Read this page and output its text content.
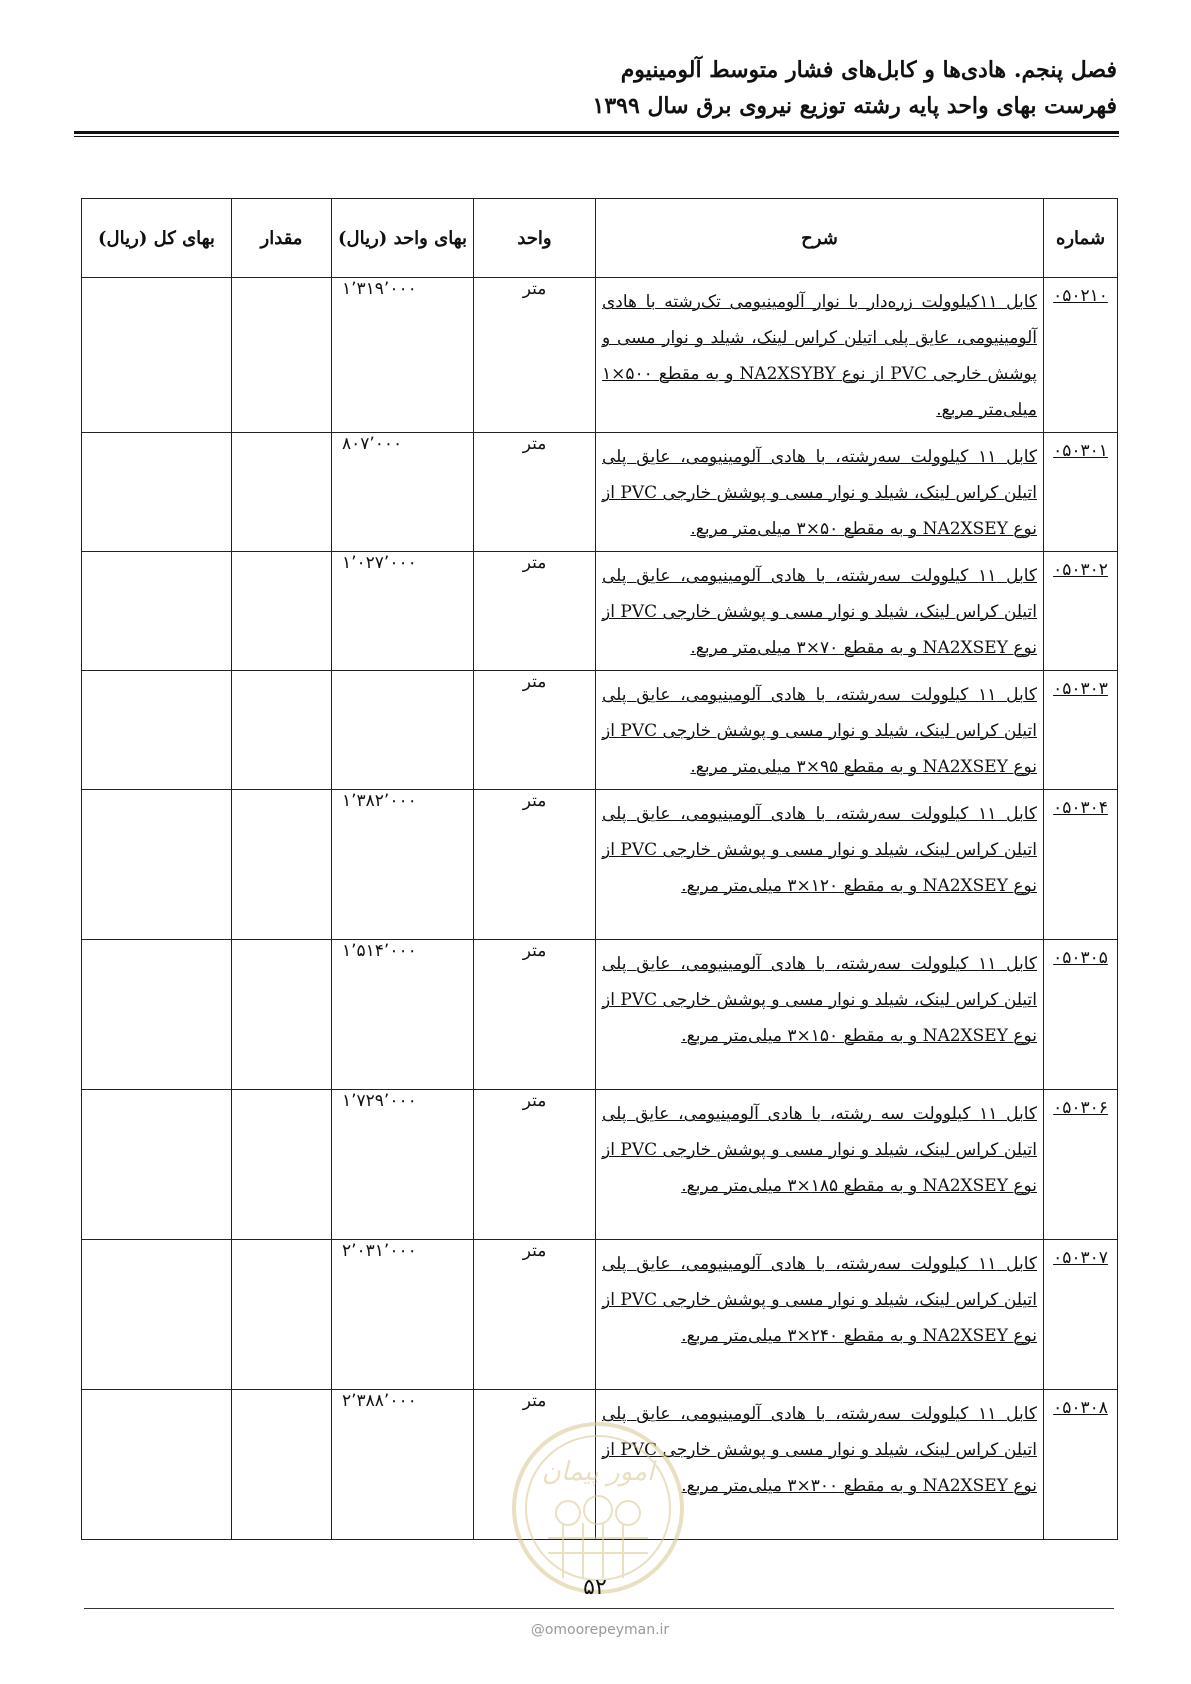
فصل پنجم. هادی‌ها و کابل‌های فشار متوسط آلومینیوم
فهرست بهای واحد پایه رشته توزیع نیروی برق سال ۱۳۹۹
شماره	شرح	واحد	بهای واحد (ریال)	مقدار	بهای کل (ریال)
۰۵۰۲۱۰	کابل ۱۱کیلوولت زره‌دار با نوار آلومینیومی تک‌رشته با هادی آلومینیومی، عایق پلی اتیلن کراس لینک، شیلد و نوار مسی و پوشش خارجی PVC از نوع NA2XSYBY و به مقطع ۵۰۰×۱ میلی‌متر مربع.	متر	۱٬۳۱۹٬۰۰۰		
۰۵۰۳۰۱	کابل ۱۱ کیلوولت سه‌رشته، با هادی آلومینیومی، عایق پلی اتیلن کراس لینک، شیلد و نوار مسی و پوشش خارجی PVC از نوع NA2XSEY و به مقطع ۵۰×۳ میلی‌متر مربع.	متر	۸۰۷٬۰۰۰		
۰۵۰۳۰۲	کابل ۱۱ کیلوولت سه‌رشته، با هادی آلومینیومی، عایق پلی اتیلن کراس لینک، شیلد و نوار مسی و پوشش خارجی PVC از نوع NA2XSEY و به مقطع ۷۰×۳ میلی‌متر مربع.	متر	۱٬۰۲۷٬۰۰۰		
۰۵۰۳۰۳	کابل ۱۱ کیلوولت سه‌رشته، با هادی آلومینیومی، عایق پلی اتیلن کراس لینک، شیلد و نوار مسی و پوشش خارجی PVC از نوع NA2XSEY و به مقطع ۹۵×۳ میلی‌متر مربع.	متر			
۰۵۰۳۰۴	کابل ۱۱ کیلوولت سه‌رشته، با هادی آلومینیومی، عایق پلی اتیلن کراس لینک، شیلد و نوار مسی و پوشش خارجی PVC از نوع NA2XSEY و به مقطع ۱۲۰×۳ میلی‌متر مربع.	متر	۱٬۳۸۲٬۰۰۰		
۰۵۰۳۰۵	کابل ۱۱ کیلوولت سه‌رشته، با هادی آلومینیومی، عایق پلی اتیلن کراس لینک، شیلد و نوار مسی و پوشش خارجی PVC از نوع NA2XSEY و به مقطع ۱۵۰×۳ میلی‌متر مربع.	متر	۱٬۵۱۴٬۰۰۰		
۰۵۰۳۰۶	کابل ۱۱ کیلوولت سه رشته، با هادی آلومینیومی، عایق پلی اتیلن کراس لینک، شیلد و نوار مسی و پوشش خارجی PVC از نوع NA2XSEY و به مقطع ۱۸۵×۳ میلی‌متر مربع.	متر	۱٬۷۲۹٬۰۰۰		
۰۵۰۳۰۷	کابل ۱۱ کیلوولت سه‌رشته، با هادی آلومینیومی، عایق پلی اتیلن کراس لینک، شیلد و نوار مسی و پوشش خارجی PVC از نوع NA2XSEY و به مقطع ۲۴۰×۳ میلی‌متر مربع.	متر	۲٬۰۳۱٬۰۰۰		
۰۵۰۳۰۸	کابل ۱۱ کیلوولت سه‌رشته، با هادی آلومینیومی، عایق پلی اتیلن کراس لینک، شیلد و نوار مسی و پوشش خارجی PVC از نوع NA2XSEY و به مقطع ۳۰۰×۳ میلی‌متر مربع.	متر	۲٬۳۸۸٬۰۰۰		
امور پیمان
۵۲
@omoorepeyman.ir
